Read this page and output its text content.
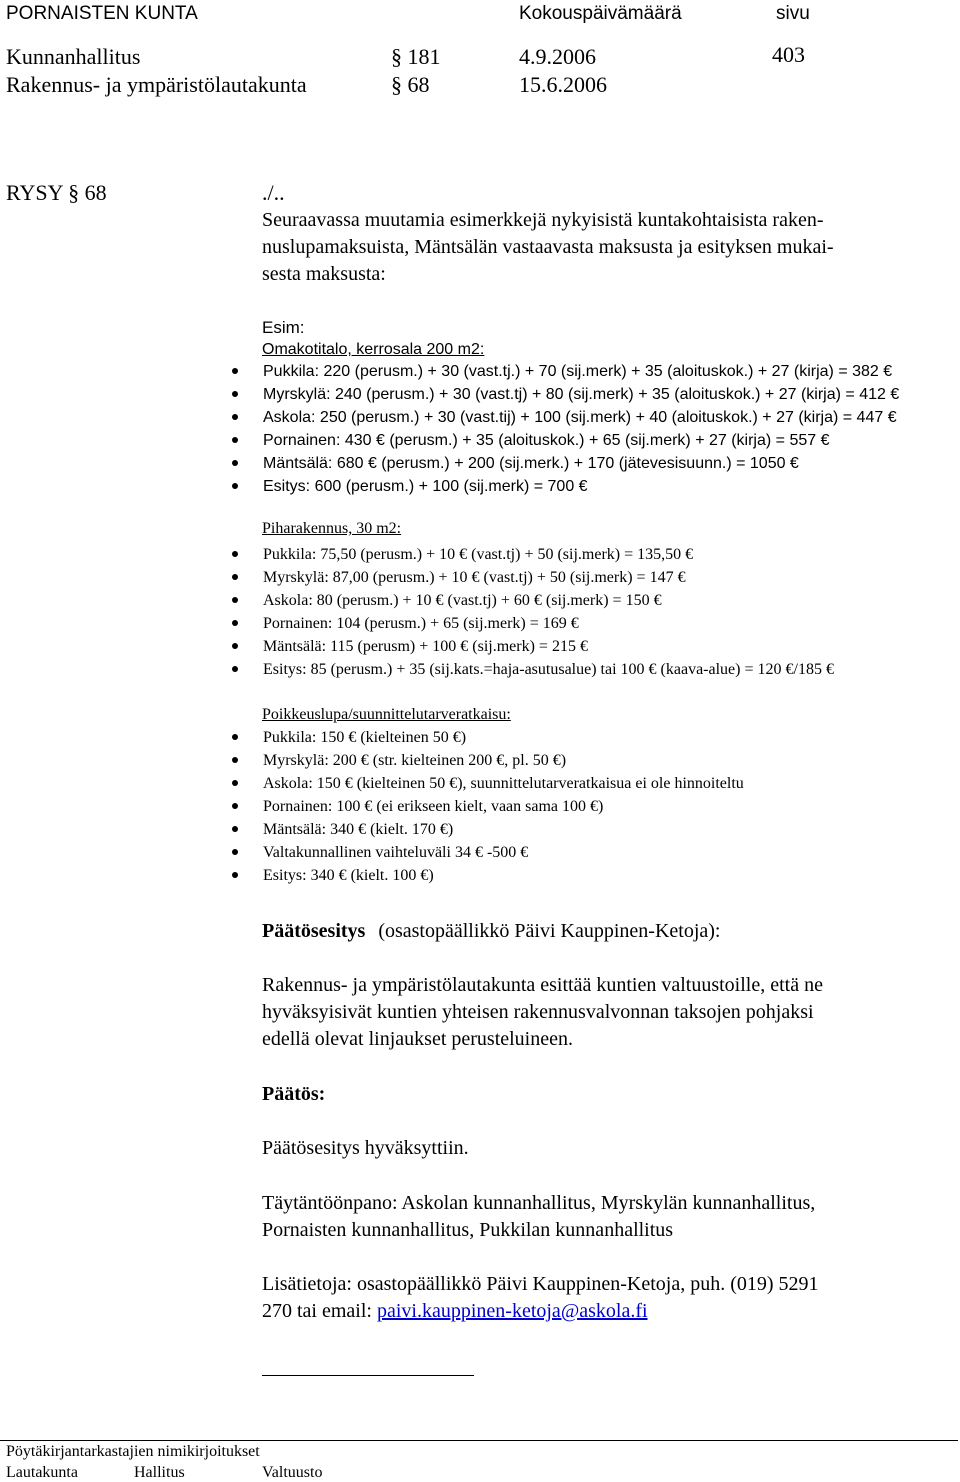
PORNAISTEN KUNTA	Kokouspäivämäärä	sivu
Kunnanhallitus	§ 181	4.9.2006	403
Rakennus- ja ympäristölautakunta	§ 68	15.6.2006
RYSY § 68	./..
Seuraavassa muutamia esimerkkejä nykyisistä kuntakohtaisista raken-
nuslupamaksuista, Mäntsälän vastaavasta maksusta ja esityksen mukai-
sesta maksusta:
Esim:
Omakotitalo, kerrosala 200 m2:
Pukkila: 220 (perusm.) + 30 (vast.tj.) + 70 (sij.merk) + 35 (aloituskok.) + 27 (kirja) = 382 €
Myrskylä: 240 (perusm.) + 30 (vast.tj) + 80 (sij.merk) + 35 (aloituskok.) + 27 (kirja) = 412 €
Askola: 250 (perusm.) + 30 (vast.tij) + 100 (sij.merk) + 40 (aloituskok.) + 27 (kirja) = 447 €
Pornainen: 430 € (perusm.) + 35 (aloituskok.) + 65 (sij.merk) + 27 (kirja) = 557 €
Mäntsälä: 680 € (perusm.) + 200 (sij.merk.) + 170 (jätevesisuunn.) = 1050 €
Esitys: 600 (perusm.) + 100 (sij.merk) = 700 €
Piharakennus, 30 m2:
Pukkila: 75,50 (perusm.) + 10 € (vast.tj) + 50 (sij.merk) = 135,50 €
Myrskylä: 87,00 (perusm.) + 10 € (vast.tj) + 50 (sij.merk) = 147 €
Askola: 80 (perusm.) + 10 € (vast.tj) + 60 € (sij.merk) = 150 €
Pornainen: 104 (perusm.) + 65 (sij.merk) = 169 €
Mäntsälä: 115 (perusm) + 100 € (sij.merk) = 215 €
Esitys: 85 (perusm.) + 35 (sij.kats.=haja-asutusalue) tai 100 € (kaava-alue) = 120 €/185 €
Poikkeuslupa/suunnittelutarveratkaisu:
Pukkila: 150 € (kielteinen 50 €)
Myrskylä: 200 € (str. kielteinen 200 €, pl. 50 €)
Askola: 150 € (kielteinen 50 €), suunnittelutarveratkaisua ei ole hinnoiteltu
Pornainen: 100 € (ei erikseen kielt, vaan sama 100 €)
Mäntsälä: 340 € (kielt. 170 €)
Valtakunnallinen vaihteluväli 34 € -500 €
Esitys: 340 € (kielt. 100 €)
Päätösesitys (osastopäällikkö Päivi Kauppinen-Ketoja):
Rakennus- ja ympäristölautakunta esittää kuntien valtuustoille, että ne
hyväksyisivät kuntien yhteisen rakennusvalvonnan taksojen pohjaksi
edellä olevat linjaukset perusteluineen.
Päätös:
Päätösesitys hyväksyttiin.
Täytäntöönpano: Askolan kunnanhallitus, Myrskylän kunnanhallitus,
Pornaisten kunnanhallitus, Pukkilan kunnanhallitus
Lisätietoja: osastopäällikkö Päivi Kauppinen-Ketoja, puh. (019) 5291
270 tai email: paivi.kauppinen-ketoja@askola.fi
Pöytäkirjantarkastajien nimikirjoitukset
Lautakunta	Hallitus	Valtuusto
